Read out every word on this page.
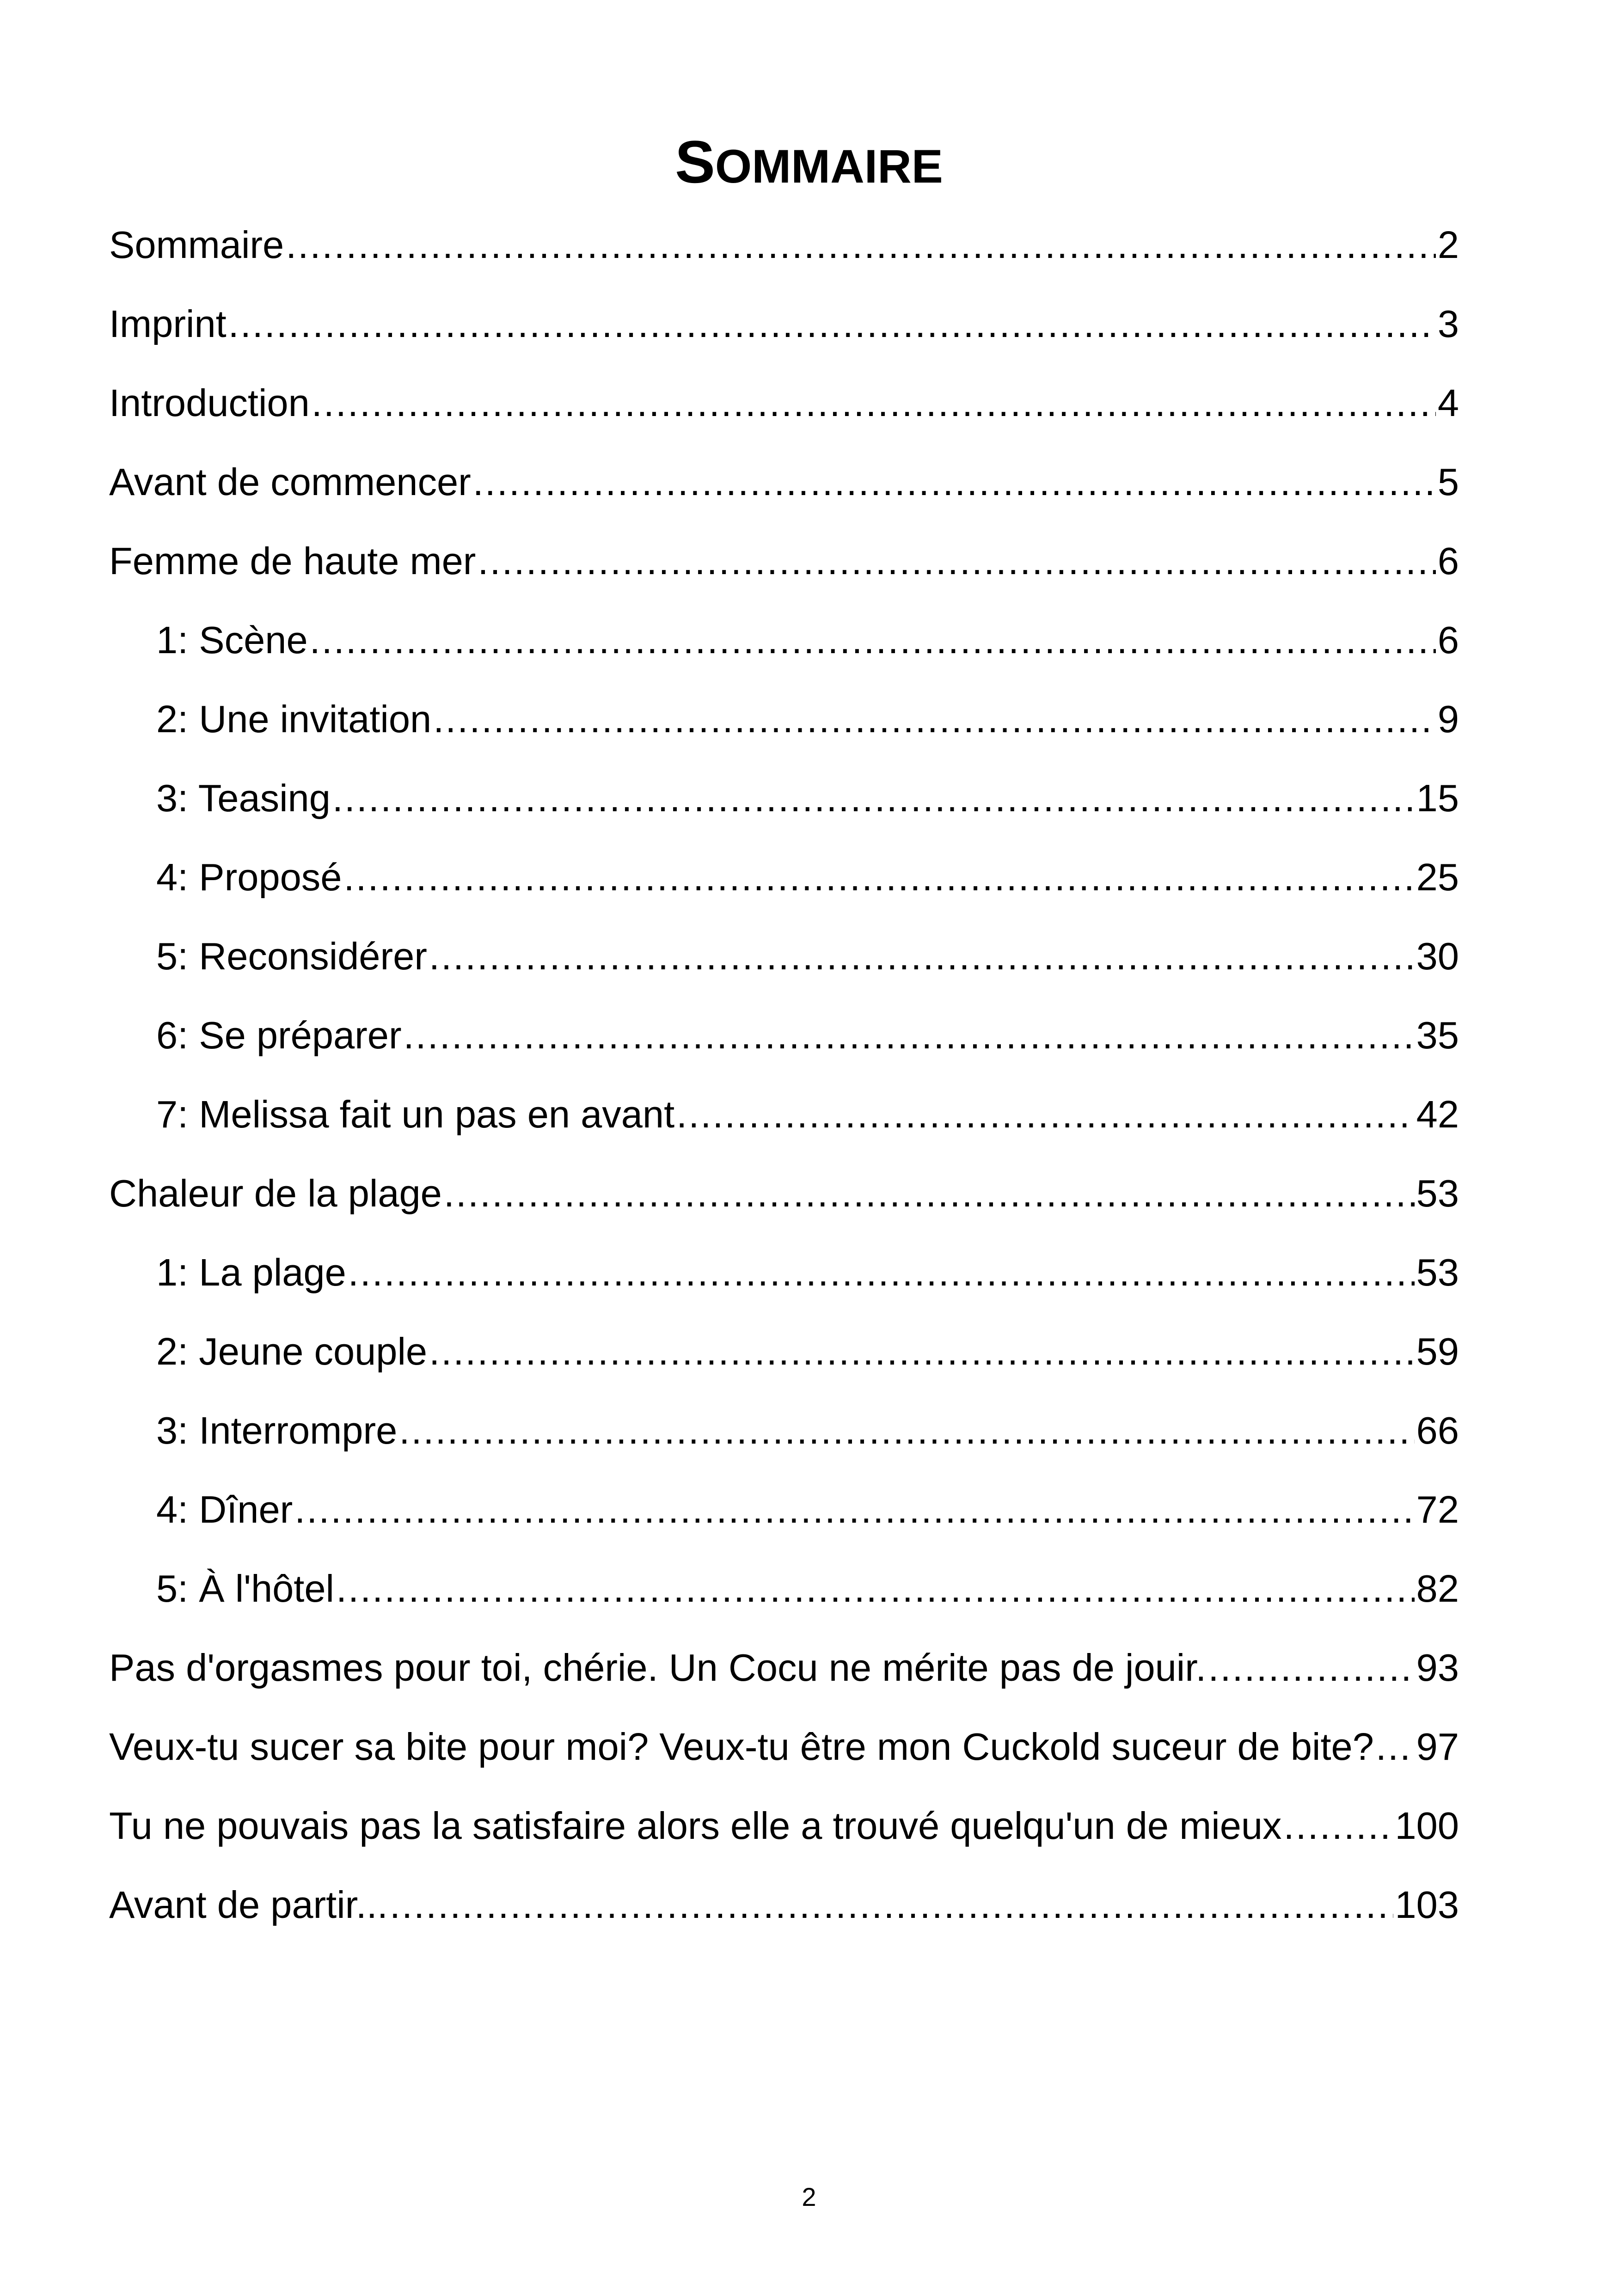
SOMMAIRE
Sommaire .....	2
Imprint .....	3
Introduction .....	4
Avant de commencer .....	5
Femme de haute mer .....	6
1: Scène .....	6
2: Une invitation .....	9
3: Teasing .....	15
4: Proposé .....	25
5: Reconsidérer .....	30
6: Se préparer .....	35
7: Melissa fait un pas en avant .....	42
Chaleur de la plage .....	53
1: La plage .....	53
2: Jeune couple .....	59
3: Interrompre .....	66
4: Dîner .....	72
5: À l'hôtel .....	82
Pas d'orgasmes pour toi, chérie. Un Cocu ne mérite pas de jouir. .....	93
Veux-tu sucer sa bite pour moi? Veux-tu être mon Cuckold suceur de bite? ..... 97
Tu ne pouvais pas la satisfaire alors elle a trouvé quelqu'un de mieux .....	100
Avant de partir... .....	103
2
